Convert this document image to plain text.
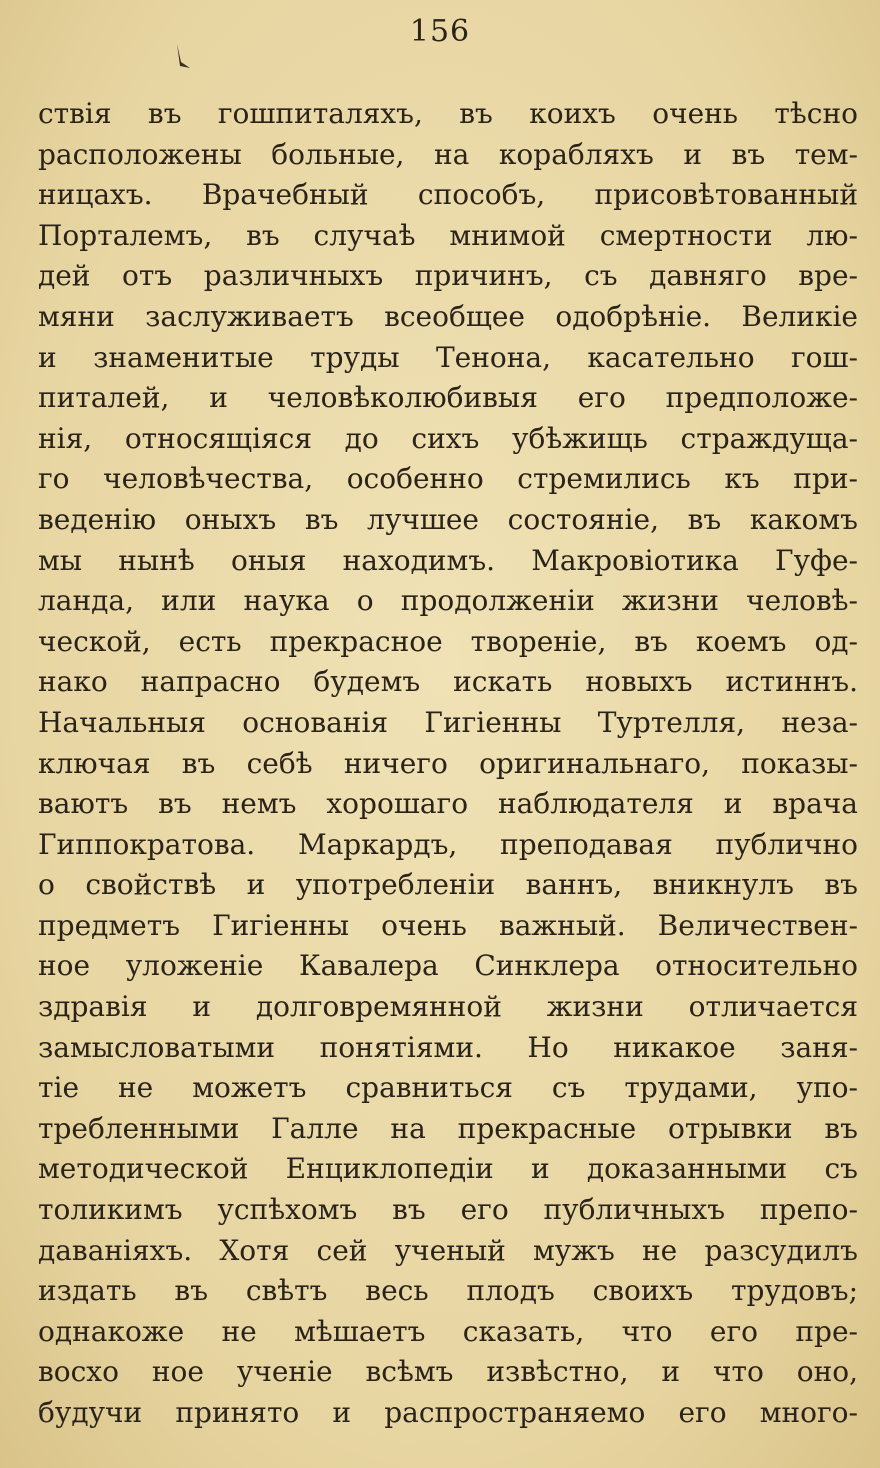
156
ствія въ гошпиталяхъ, въ коихъ очень тѣсно
расположены больные, на корабляхъ и въ тем-
ницахъ. Врачебный способъ, присовѣтованный
Порталемъ, въ случаѣ мнимой смертности лю-
дей отъ различныхъ причинъ, съ давняго вре-
мяни заслуживаетъ всеобщее одобрѣніе. Великіе
и знаменитые труды Тенона, касательно гош-
питалей, и человѣколюбивыя его предположе-
нія, относящіяся до сихъ убѣжищь страждуща-
го человѣчества, особенно стремились къ при-
веденію оныхъ въ лучшее состояніе, въ какомъ
мы нынѣ оныя находимъ. Макровіотика Гуфе-
ланда, или наука о продолженіи жизни человѣ-
ческой, есть прекрасное твореніе, въ коемъ од-
нако напрасно будемъ искать новыхъ истиннъ.
Начальныя основанія Гигіенны Туртелля, неза-
ключая въ себѣ ничего оригинальнаго, показы-
ваютъ въ немъ хорошаго наблюдателя и врача
Гиппократова. Маркардъ, преподавая публично
о свойствѣ и употребленіи ваннъ, вникнулъ въ
предметъ Гигіенны очень важный. Величествен-
ное уложеніе Кавалера Синклера относительно
здравія и долговремянной жизни отличается
замысловатыми понятіями. Но никакое заня-
тіе не можетъ сравниться съ трудами, упо-
требленными Галле на прекрасные отрывки въ
методической Енциклопедіи и доказанными съ
толикимъ успѣхомъ въ его публичныхъ препо-
даваніяхъ. Хотя сей ученый мужъ не разсудилъ
издать въ свѣтъ весь плодъ своихъ трудовъ;
однакоже не мѣшаетъ сказать, что его пре-
восхо ное ученіе всѣмъ извѣстно, и что оно,
будучи принято и распространяемо его много-
